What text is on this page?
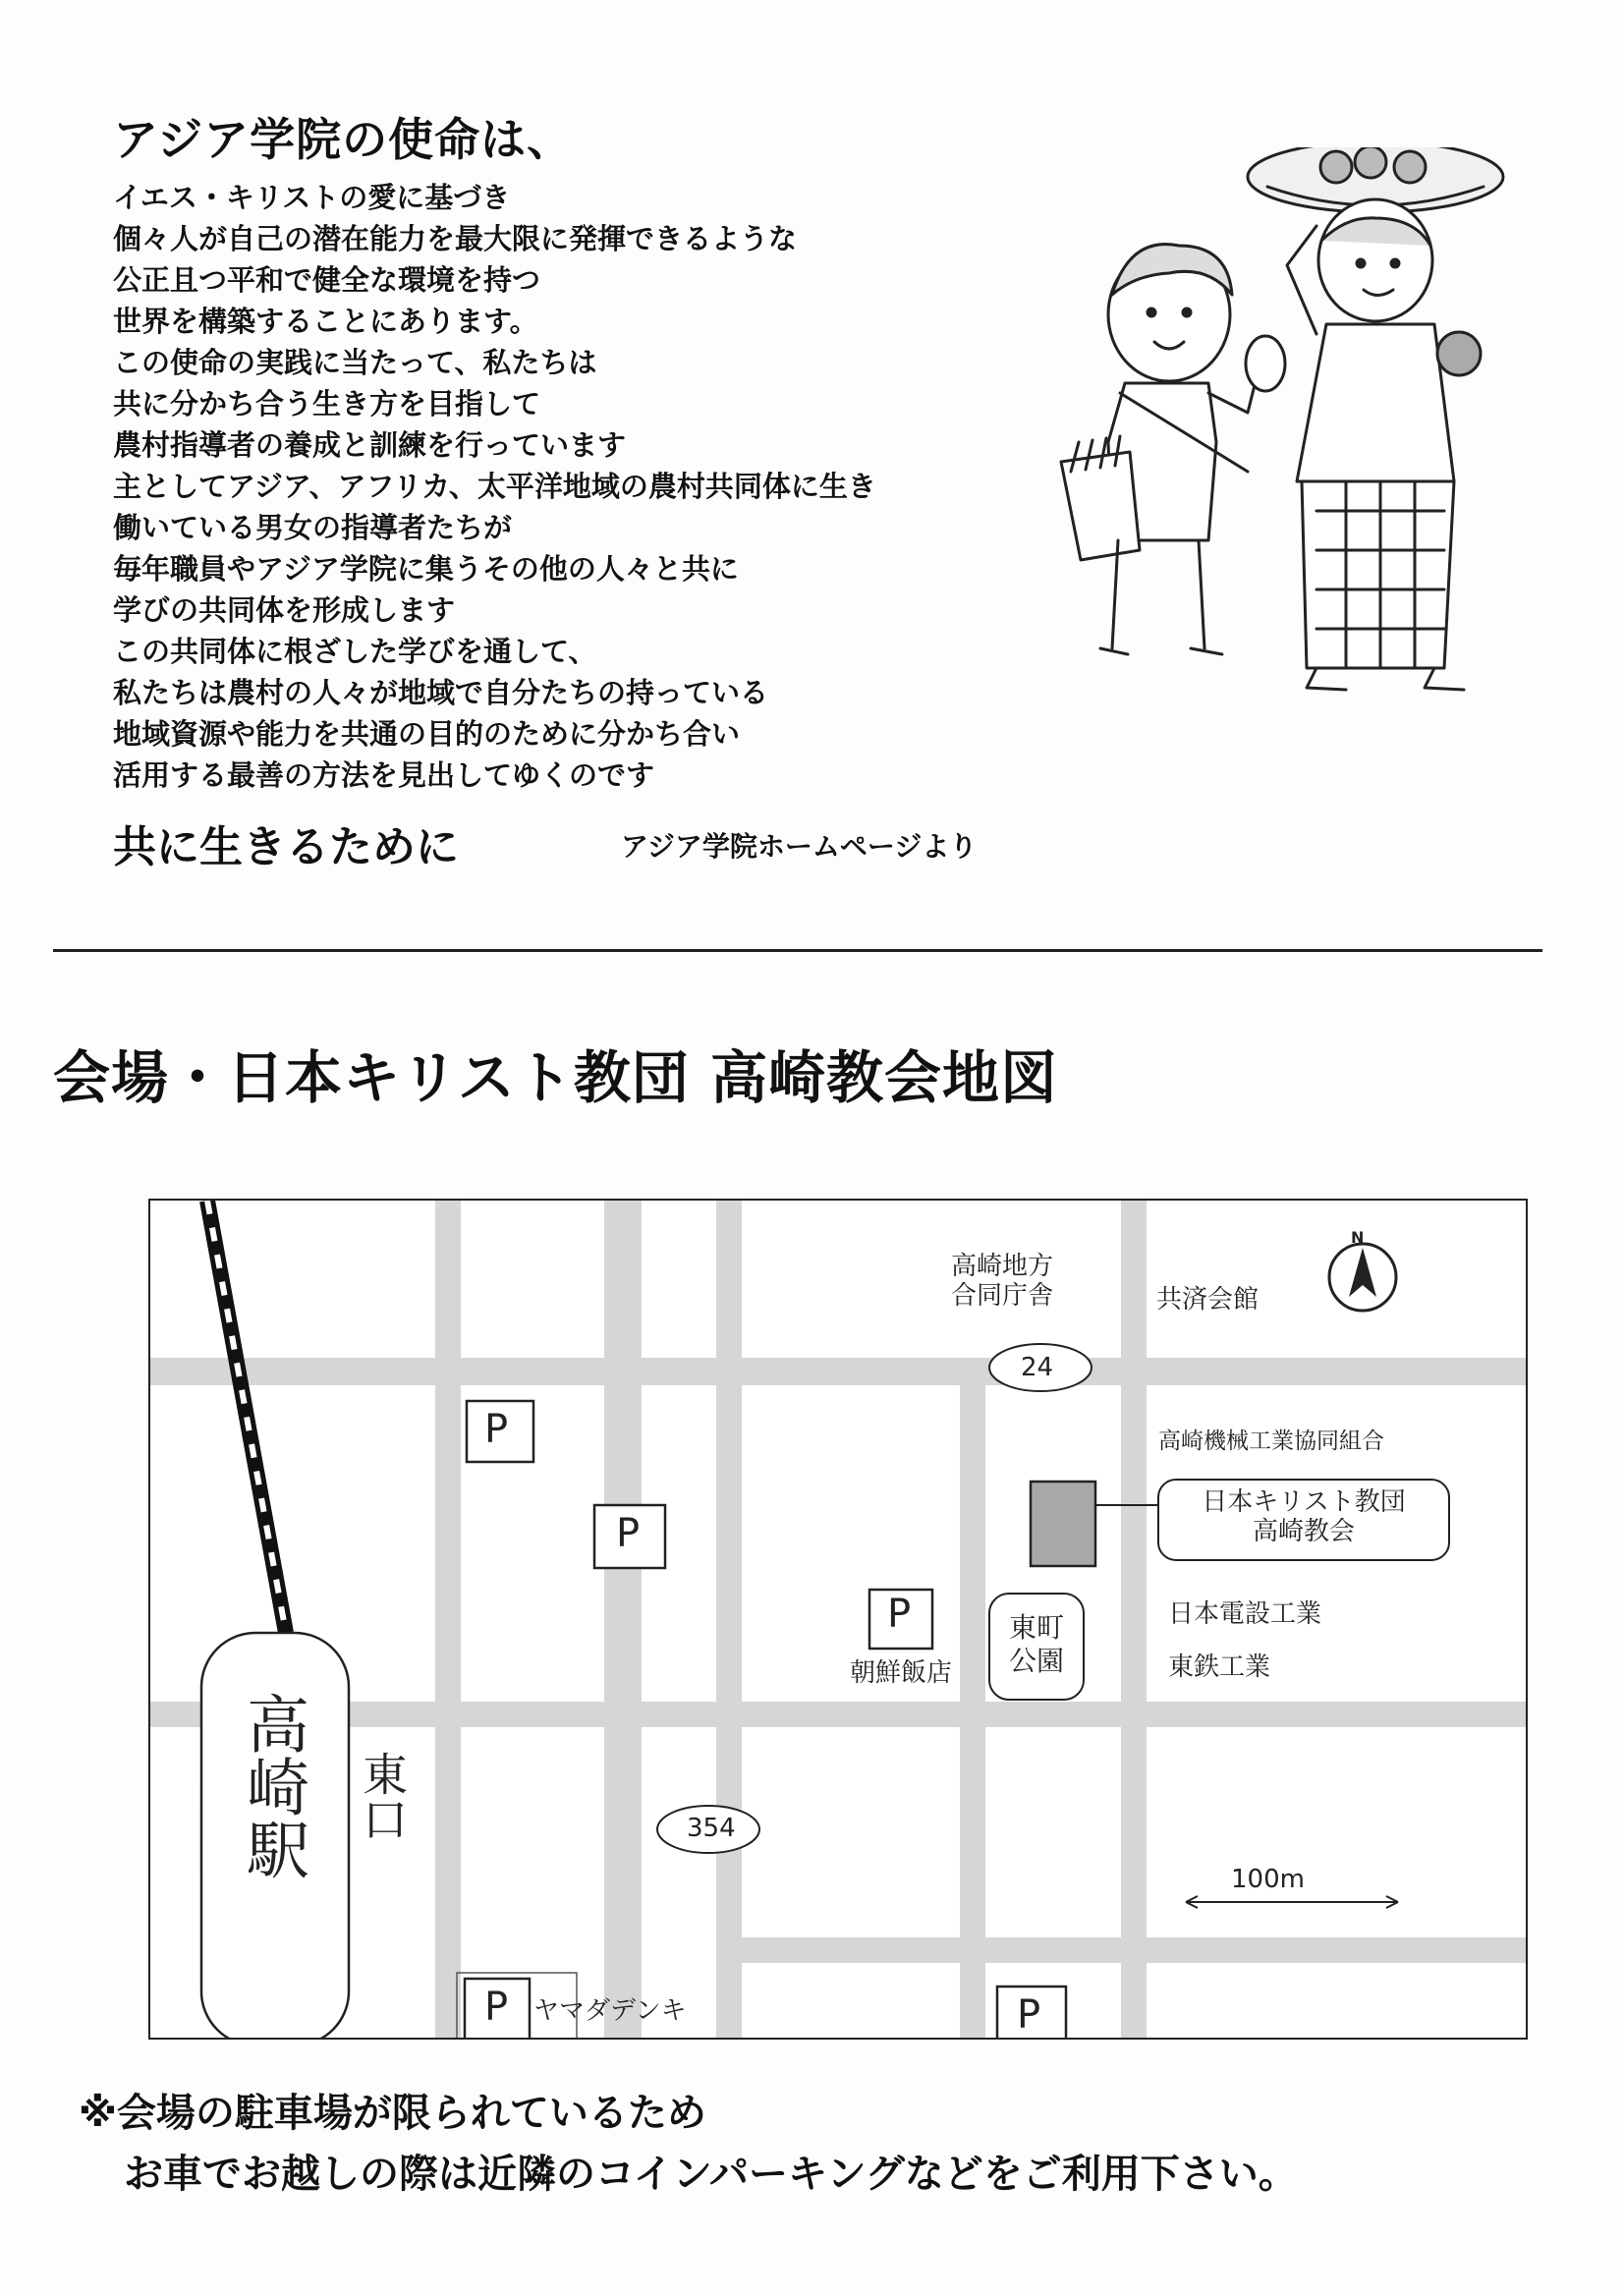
アジア学院の使命は、
イエス・キリストの愛に基づき
個々人が自己の潜在能力を最大限に発揮できるような
公正且つ平和で健全な環境を持つ
世界を構築することにあります。
この使命の実践に当たって、私たちは
共に分かち合う生き方を目指して
農村指導者の養成と訓練を行っています
主としてアジア、アフリカ、太平洋地域の農村共同体に生き
働いている男女の指導者たちが
毎年職員やアジア学院に集うその他の人々と共に
学びの共同体を形成します
この共同体に根ざした学びを通して、
私たちは農村の人々が地域で自分たちの持っている
地域資源や能力を共通の目的のために分かち合い
活用する最善の方法を見出してゆくのです
共に生きるために	アジア学院ホームページより
会場・日本キリスト教団 高崎教会地図
高崎地方
合同庁舎	共済会館
N
24
高崎機械工業協同組合
日本キリスト教団
高崎教会
東町
公園
日本電設工業
東鉄工業
朝鮮飯店
354
100m
ヤマダデンキ
高崎駅 東口
P
P
P
P	P
※会場の駐車場が限られているため
お車でお越しの際は近隣のコインパーキングなどをご利用下さい。
